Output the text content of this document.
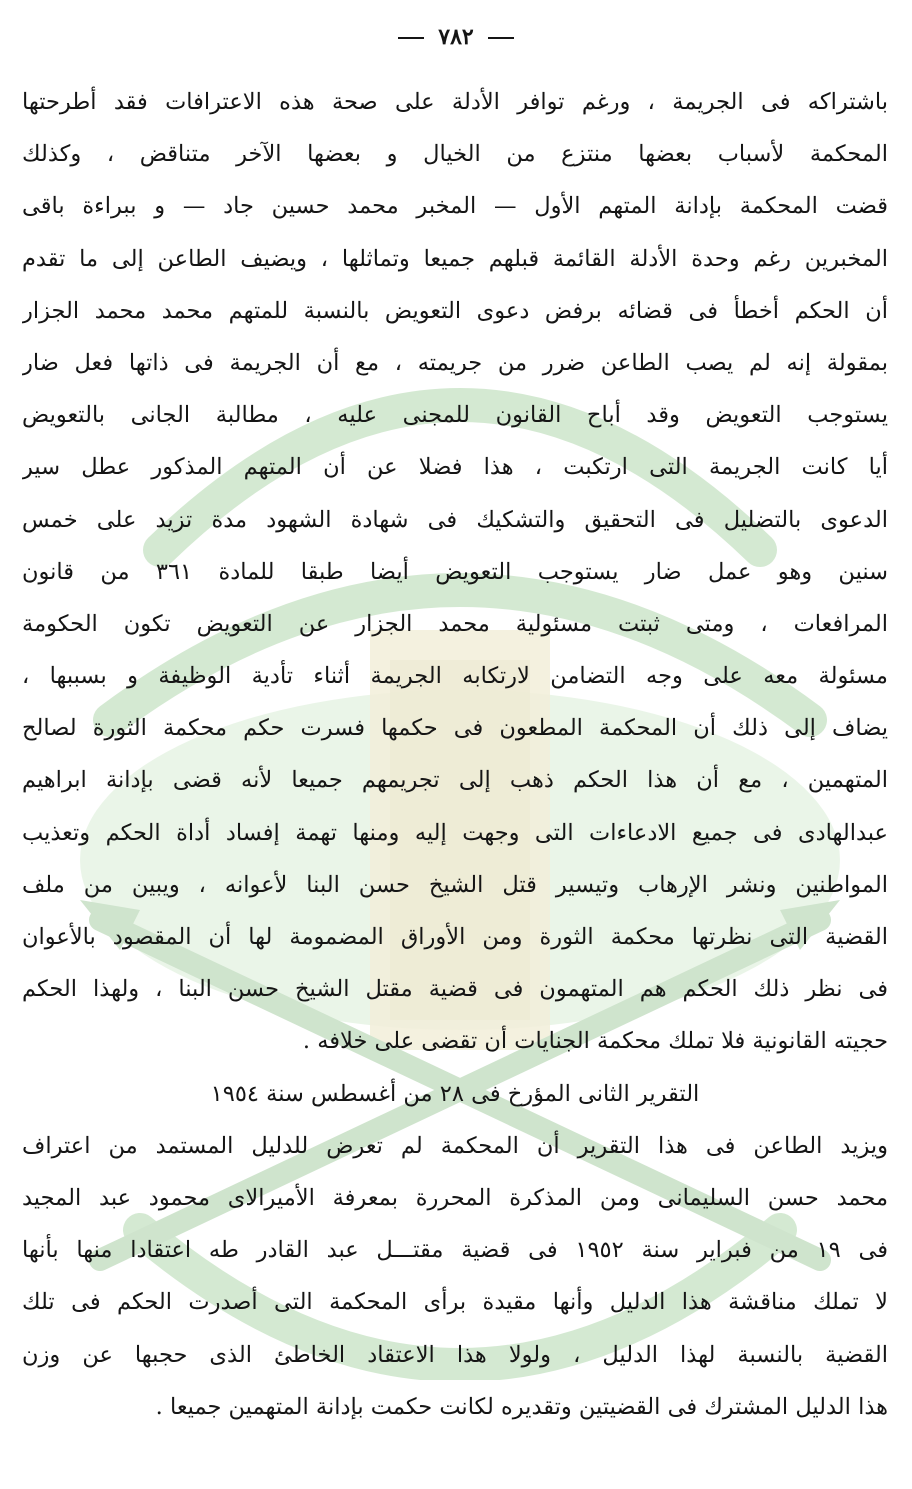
٧٨٢
باشتراكه فى الجريمة ، ورغم توافر الأدلة على صحة هذه الاعترافات فقد أطرحتها
المحكمة لأسباب بعضها منتزع من الخيال و بعضها الآخر متناقض ، وكذلك
قضت المحكمة بإدانة المتهم الأول — المخبر محمد حسين جاد — و ببراءة باقى
المخبرين رغم وحدة الأدلة القائمة قبلهم جميعا وتماثلها ، ويضيف الطاعن إلى ما تقدم
أن الحكم أخطأ فى قضائه برفض دعوى التعويض بالنسبة للمتهم محمد محمد الجزار
بمقولة إنه لم يصب الطاعن ضرر من جريمته ، مع أن الجريمة فى ذاتها فعل ضار
يستوجب التعويض وقد أباح القانون للمجنى عليه ، مطالبة الجانى بالتعويض
أيا كانت الجريمة التى ارتكبت ، هذا فضلا عن أن المتهم المذكور عطل سير
الدعوى بالتضليل فى التحقيق والتشكيك فى شهادة الشهود مدة تزيد على خمس
سنين وهو عمل ضار يستوجب التعويض أيضا طبقا للمادة ٣٦١ من قانون
المرافعات ، ومتى ثبتت مسئولية محمد الجزار عن التعويض تكون الحكومة
مسئولة معه على وجه التضامن لارتكابه الجريمة أثناء تأدية الوظيفة و بسببها ،
يضاف إلى ذلك أن المحكمة المطعون فى حكمها فسرت حكم محكمة الثورة لصالح
المتهمين ، مع أن هذا الحكم ذهب إلى تجريمهم جميعا لأنه قضى بإدانة ابراهيم
عبدالهادى فى جميع الادعاءات التى وجهت إليه ومنها تهمة إفساد أداة الحكم وتعذيب
المواطنين ونشر الإرهاب وتيسير قتل الشيخ حسن البنا لأعوانه ، ويبين من ملف
القضية التى نظرتها محكمة الثورة ومن الأوراق المضمومة لها أن المقصود بالأعوان
فى نظر ذلك الحكم هم المتهمون فى قضية مقتل الشيخ حسن البنا ، ولهذا الحكم
حجيته القانونية فلا تملك محكمة الجنايات أن تقضى على خلافه .
التقرير الثانى المؤرخ فى ٢٨ من أغسطس سنة ١٩٥٤
ويزيد الطاعن فى هذا التقرير أن المحكمة لم تعرض للدليل المستمد من اعتراف
محمد حسن السليمانى ومن المذكرة المحررة بمعرفة الأميرالاى محمود عبد المجيد
فى ١٩ من فبراير سنة ١٩٥٢ فى قضية مقتـــل عبد القادر طه اعتقادا منها بأنها
لا تملك مناقشة هذا الدليل وأنها مقيدة برأى المحكمة التى أصدرت الحكم فى تلك
القضية بالنسبة لهذا الدليل ، ولولا هذا الاعتقاد الخاطئ الذى حجبها عن وزن
هذا الدليل المشترك فى القضيتين وتقديره لكانت حكمت بإدانة المتهمين جميعا .
